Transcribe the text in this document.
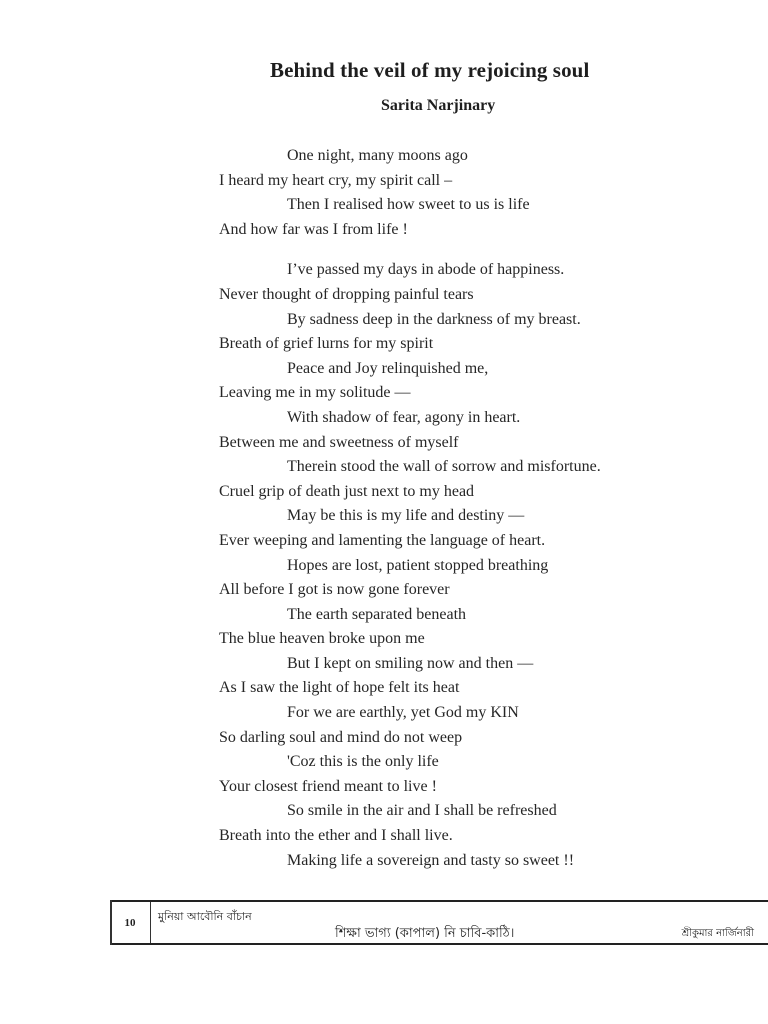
Behind the veil of my rejoicing soul
Sarita Narjinary
One night, many moons ago
I heard my heart cry, my spirit call –
Then I realised how sweet to us is life
And how far was I from life !
I’ve passed my days in abode of happiness.
Never thought of dropping painful tears
By sadness deep in the darkness of my breast.
Breath of grief lurns for my spirit
Peace and Joy relinquished me,
Leaving me in my solitude —
With shadow of fear, agony in heart.
Between me and sweetness of myself
Therein stood the wall of sorrow and misfortune.
Cruel grip of death just next to my head
May be this is my life and destiny —
Ever weeping and lamenting the language of heart.
Hopes are lost, patient stopped breathing
All before I got is now gone forever
The earth separated beneath
The blue heaven broke upon me
But I kept on smiling now and then —
As I saw the light of hope felt its heat
For we are earthly, yet God my KIN
So darling soul and mind do not weep
'Coz this is the only life
Your closest friend meant to live !
So smile in the air and I shall be refreshed
Breath into the ether and I shall live.
Making life a sovereign and tasty so sweet !!
10	মুনিয়া আবৌনি বাঁচান
শিক্ষা ভাগ্য (কাপাল) নি চাবি-কাঠি।	শ্রীকুমার নার্জিনারী
